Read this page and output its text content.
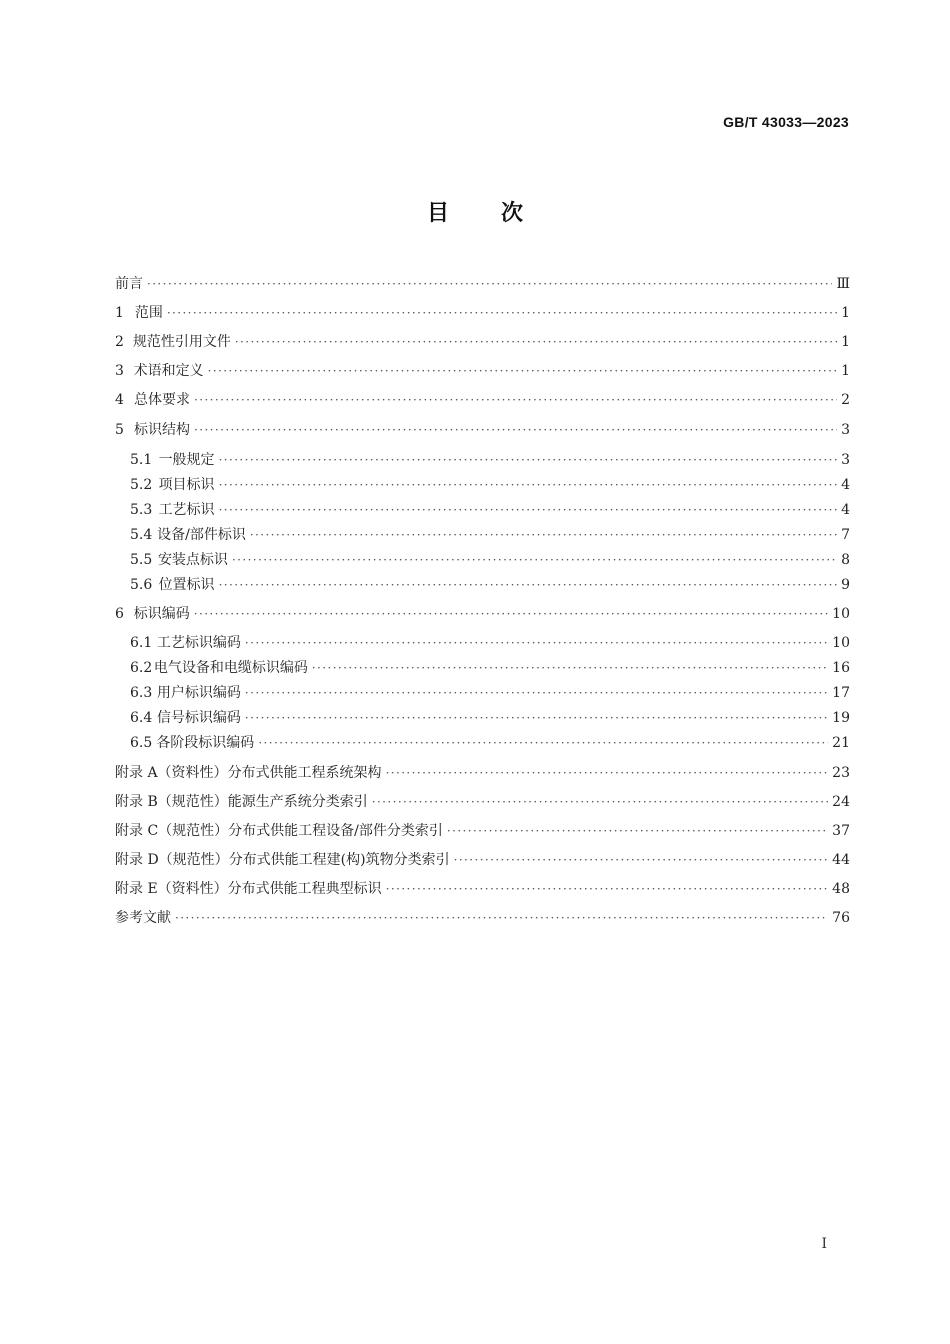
GB/T 43033—2023
目次
前言 ·····	Ⅲ
1 范围 ·····	1
2 规范性引用文件 ·····	1
3 术语和定义 ·····	1
4 总体要求 ·····	2
5 标识结构 ·····	3
5.1 一般规定 ·····	3
5.2 项目标识 ·····	4
5.3 工艺标识 ·····	4
5.4 设备/部件标识 ·····	7
5.5 安装点标识 ·····	8
5.6 位置标识 ·····	9
6 标识编码 ·····	10
6.1 工艺标识编码 ·····	10
6.2 电气设备和电缆标识编码 ·····	16
6.3 用户标识编码 ·····	17
6.4 信号标识编码 ·····	19
6.5 各阶段标识编码 ·····	21
附录 A（资料性） 分布式供能工程系统架构 ·····	23
附录 B（规范性） 能源生产系统分类索引 ·····	24
附录 C（规范性） 分布式供能工程设备/部件分类索引 ·····	37
附录 D（规范性） 分布式供能工程建(构)筑物分类索引 ·····	44
附录 E（资料性） 分布式供能工程典型标识 ·····	48
参考文献 ·····	76
I
